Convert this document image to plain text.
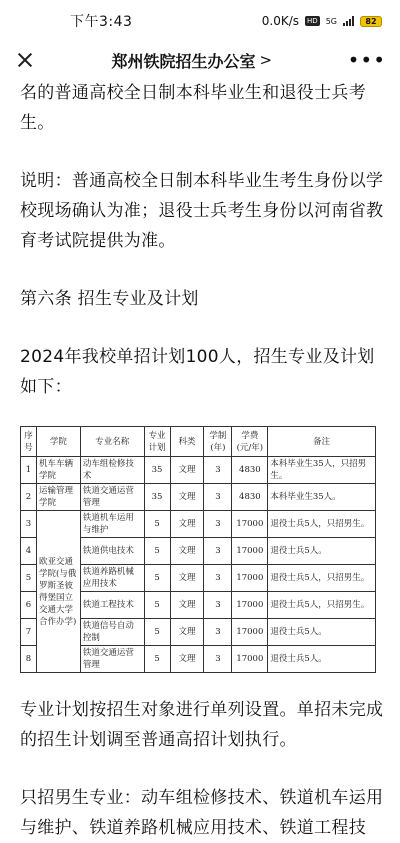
下午3:43	0.0K/s HD 5G	82
郑州铁院招生办公室 >	•••

名的普通高校全日制本科毕业生和退役士兵考生。

说明：普通高校全日制本科毕业生考生身份以学校现场确认为准；退役士兵考生身份以河南省教育考试院提供为准。

第六条 招生专业及计划

2024年我校单招计划100人，招生专业及计划如下：

序号	学院	专业名称	专业计划	科类	学制(年)	学费(元/年)	备注
1	机车车辆学院	动车组检修技术	35	文理	3	4830	本科毕业生35人，只招男生。
2	运输管理学院	铁道交通运营管理	35	文理	3	4830	本科毕业生35人。
3	欧亚交通学院(与俄罗斯圣彼得堡国立交通大学合作办学)	铁道机车运用与维护	5	文理	3	17000	退役士兵5人，只招男生。
4		铁道供电技术	5	文理	3	17000	退役士兵5人。
5		铁道养路机械应用技术	5	文理	3	17000	退役士兵5人，只招男生。
6		铁道工程技术	5	文理	3	17000	退役士兵5人，只招男生。
7		铁道信号自动控制	5	文理	3	17000	退役士兵5人。
8		铁道交通运营管理	5	文理	3	17000	退役士兵5人。

专业计划按招生对象进行单列设置。单招未完成的招生计划调至普通高招计划执行。

只招男生专业：动车组检修技术、铁道机车运用与维护、铁道养路机械应用技术、铁道工程技
